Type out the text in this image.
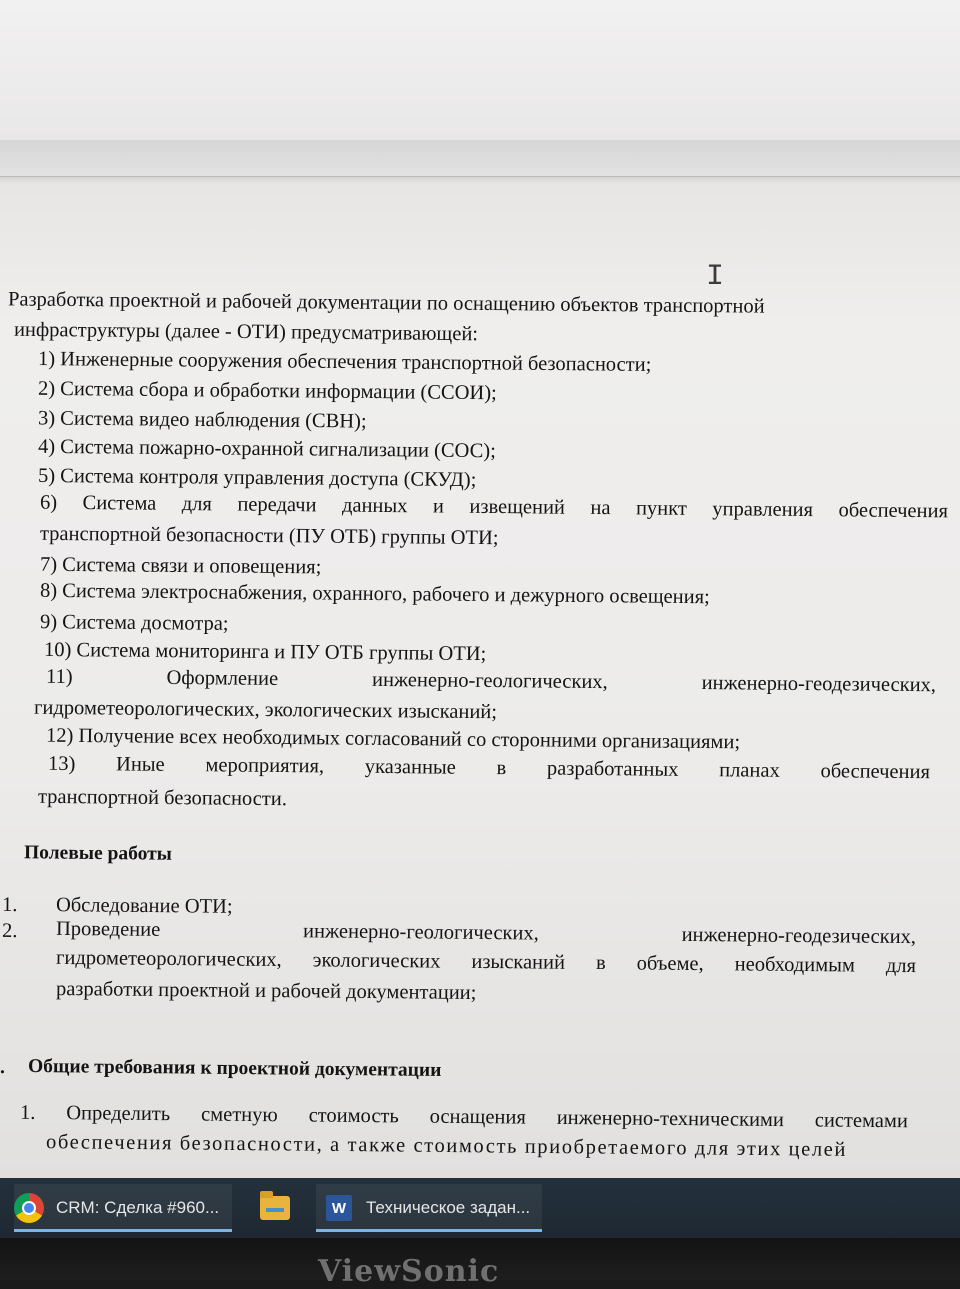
I
Разработка проектной и рабочей документации по оснащению объектов транспортной
инфраструктуры (далее - ОТИ) предусматривающей:
1) Инженерные сооружения обеспечения транспортной безопасности;
2) Система сбора и обработки информации (ССОИ);
3) Система видео наблюдения (СВН);
4) Система пожарно-охранной сигнализации (СОС);
5) Система контроля управления доступа (СКУД);
6) Система для передачи данных и извещений на пункт управления обеспечения
транспортной безопасности (ПУ ОТБ) группы ОТИ;
7) Система связи и оповещения;
8) Система электроснабжения, охранного, рабочего и дежурного освещения;
9) Система досмотра;
10) Система мониторинга и ПУ ОТБ группы ОТИ;
11)	Оформление	инженерно-геологических,	инженерно-геодезических,
гидрометеорологических, экологических изысканий;
12) Получение всех необходимых согласований со сторонними организациями;
13) Иные мероприятия, указанные в разработанных планах обеспечения
транспортной безопасности.
Полевые работы
1. Обследование ОТИ;
2. Проведение	инженерно-геологических,	инженерно-геодезических,
гидрометеорологических, экологических изысканий в объеме, необходимым для
разработки проектной и рабочей документации;
. Общие требования к проектной документации
1. Определить сметную стоимость оснащения инженерно-техническими системами
обеспечения безопасности, а также стоимость приобретаемого для этих целей
CRM: Сделка #960...	W	Техническое задан...
ViewSonic
